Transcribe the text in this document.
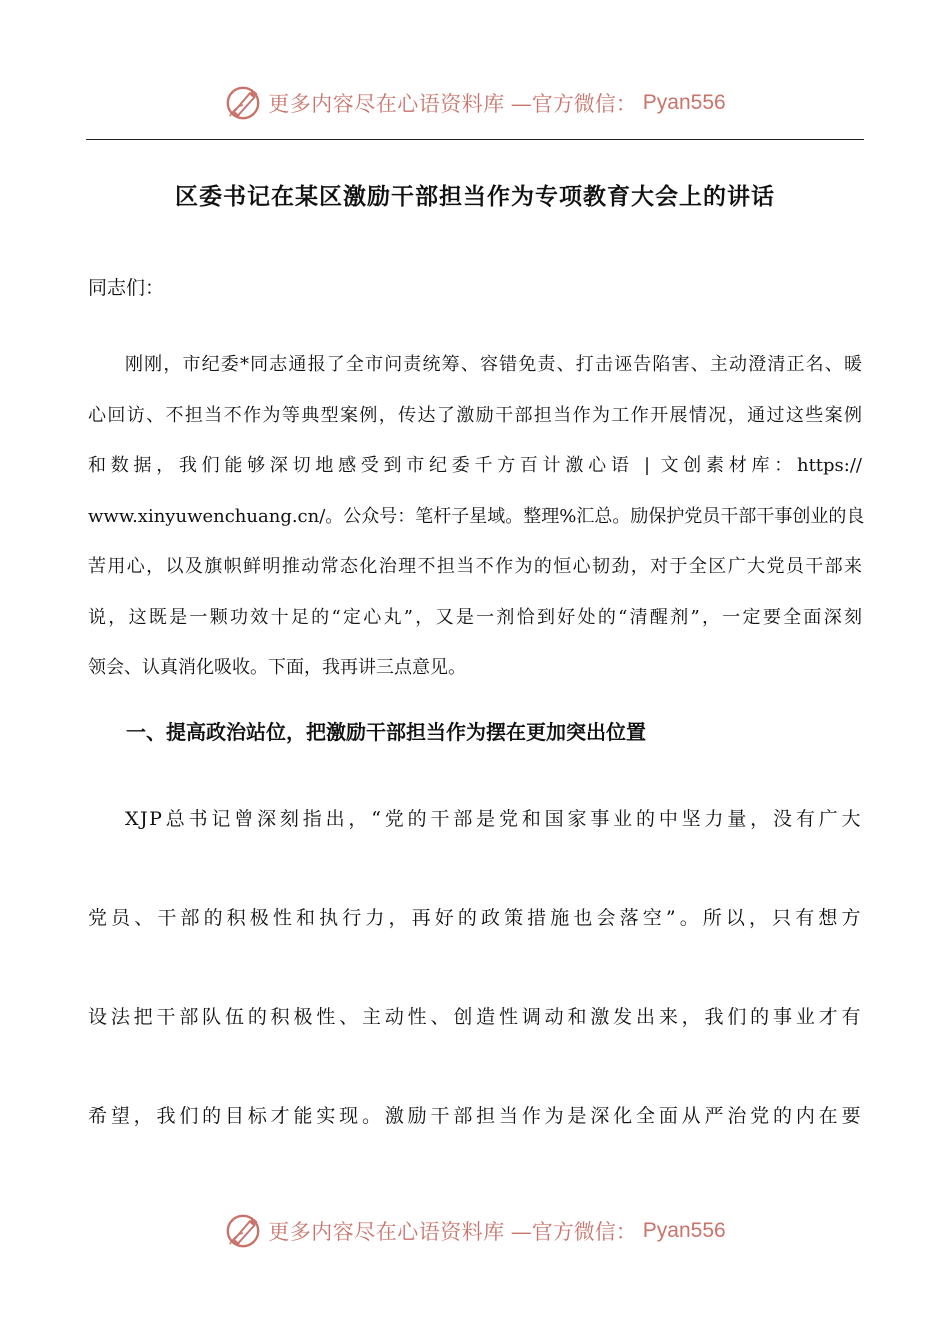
更多内容尽在心语资料库 —官方微信： Pyan556
区委书记在某区激励干部担当作为专项教育大会上的讲话
同志们：
刚刚，市纪委*同志通报了全市问责统筹、容错免责、打击诬告陷害、主动澄清正名、暖
心回访、不担当不作为等典型案例，传达了激励干部担当作为工作开展情况，通过这些案例
和数据，我们能够深切地感受到市纪委千方百计激心语 | 文创素材库：https://
www.xinyuwenchuang.cn/。公众号：笔杆子星域。整理%汇总。励保护党员干部干事创业的良
苦用心，以及旗帜鲜明推动常态化治理不担当不作为的恒心韧劲，对于全区广大党员干部来
说，这既是一颗功效十足的“定心丸”，又是一剂恰到好处的“清醒剂”，一定要全面深刻
领会、认真消化吸收。下面，我再讲三点意见。
一、提高政治站位，把激励干部担当作为摆在更加突出位置
XJP总书记曾深刻指出，“党的干部是党和国家事业的中坚力量，没有广大
党员、干部的积极性和执行力，再好的政策措施也会落空”。所以，只有想方
设法把干部队伍的积极性、主动性、创造性调动和激发出来，我们的事业才有
希望，我们的目标才能实现。激励干部担当作为是深化全面从严治党的内在要
更多内容尽在心语资料库 —官方微信： Pyan556
